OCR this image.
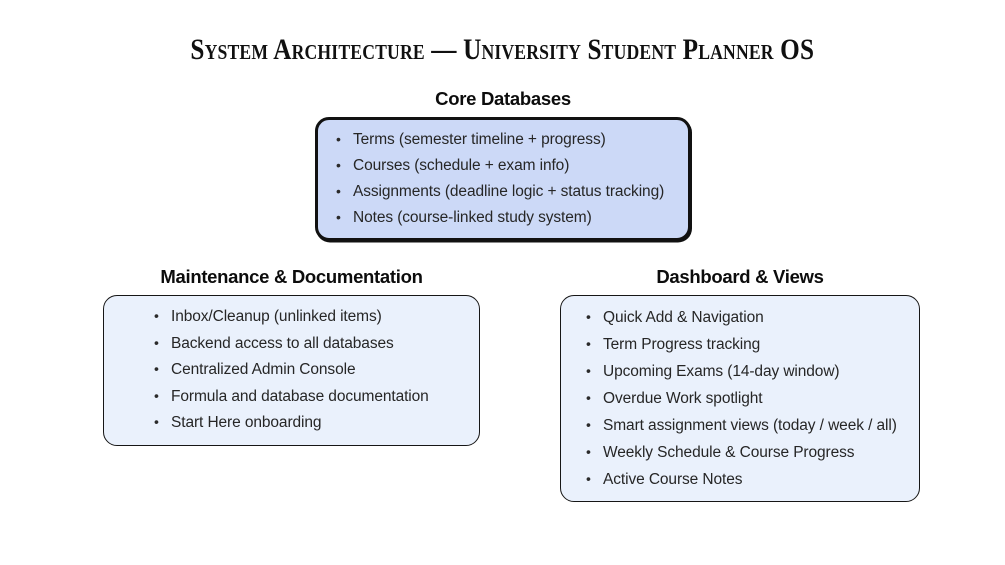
System Architecture — University Student Planner OS
Core Databases
• Terms (semester timeline + progress)
• Courses (schedule + exam info)
• Assignments (deadline logic + status tracking)
• Notes (course-linked study system)
Maintenance & Documentation
• Inbox/Cleanup (unlinked items)
• Backend access to all databases
• Centralized Admin Console
• Formula and database documentation
• Start Here onboarding
Dashboard & Views
• Quick Add & Navigation
• Term Progress tracking
• Upcoming Exams (14-day window)
• Overdue Work spotlight
• Smart assignment views (today / week / all)
• Weekly Schedule & Course Progress
• Active Course Notes
